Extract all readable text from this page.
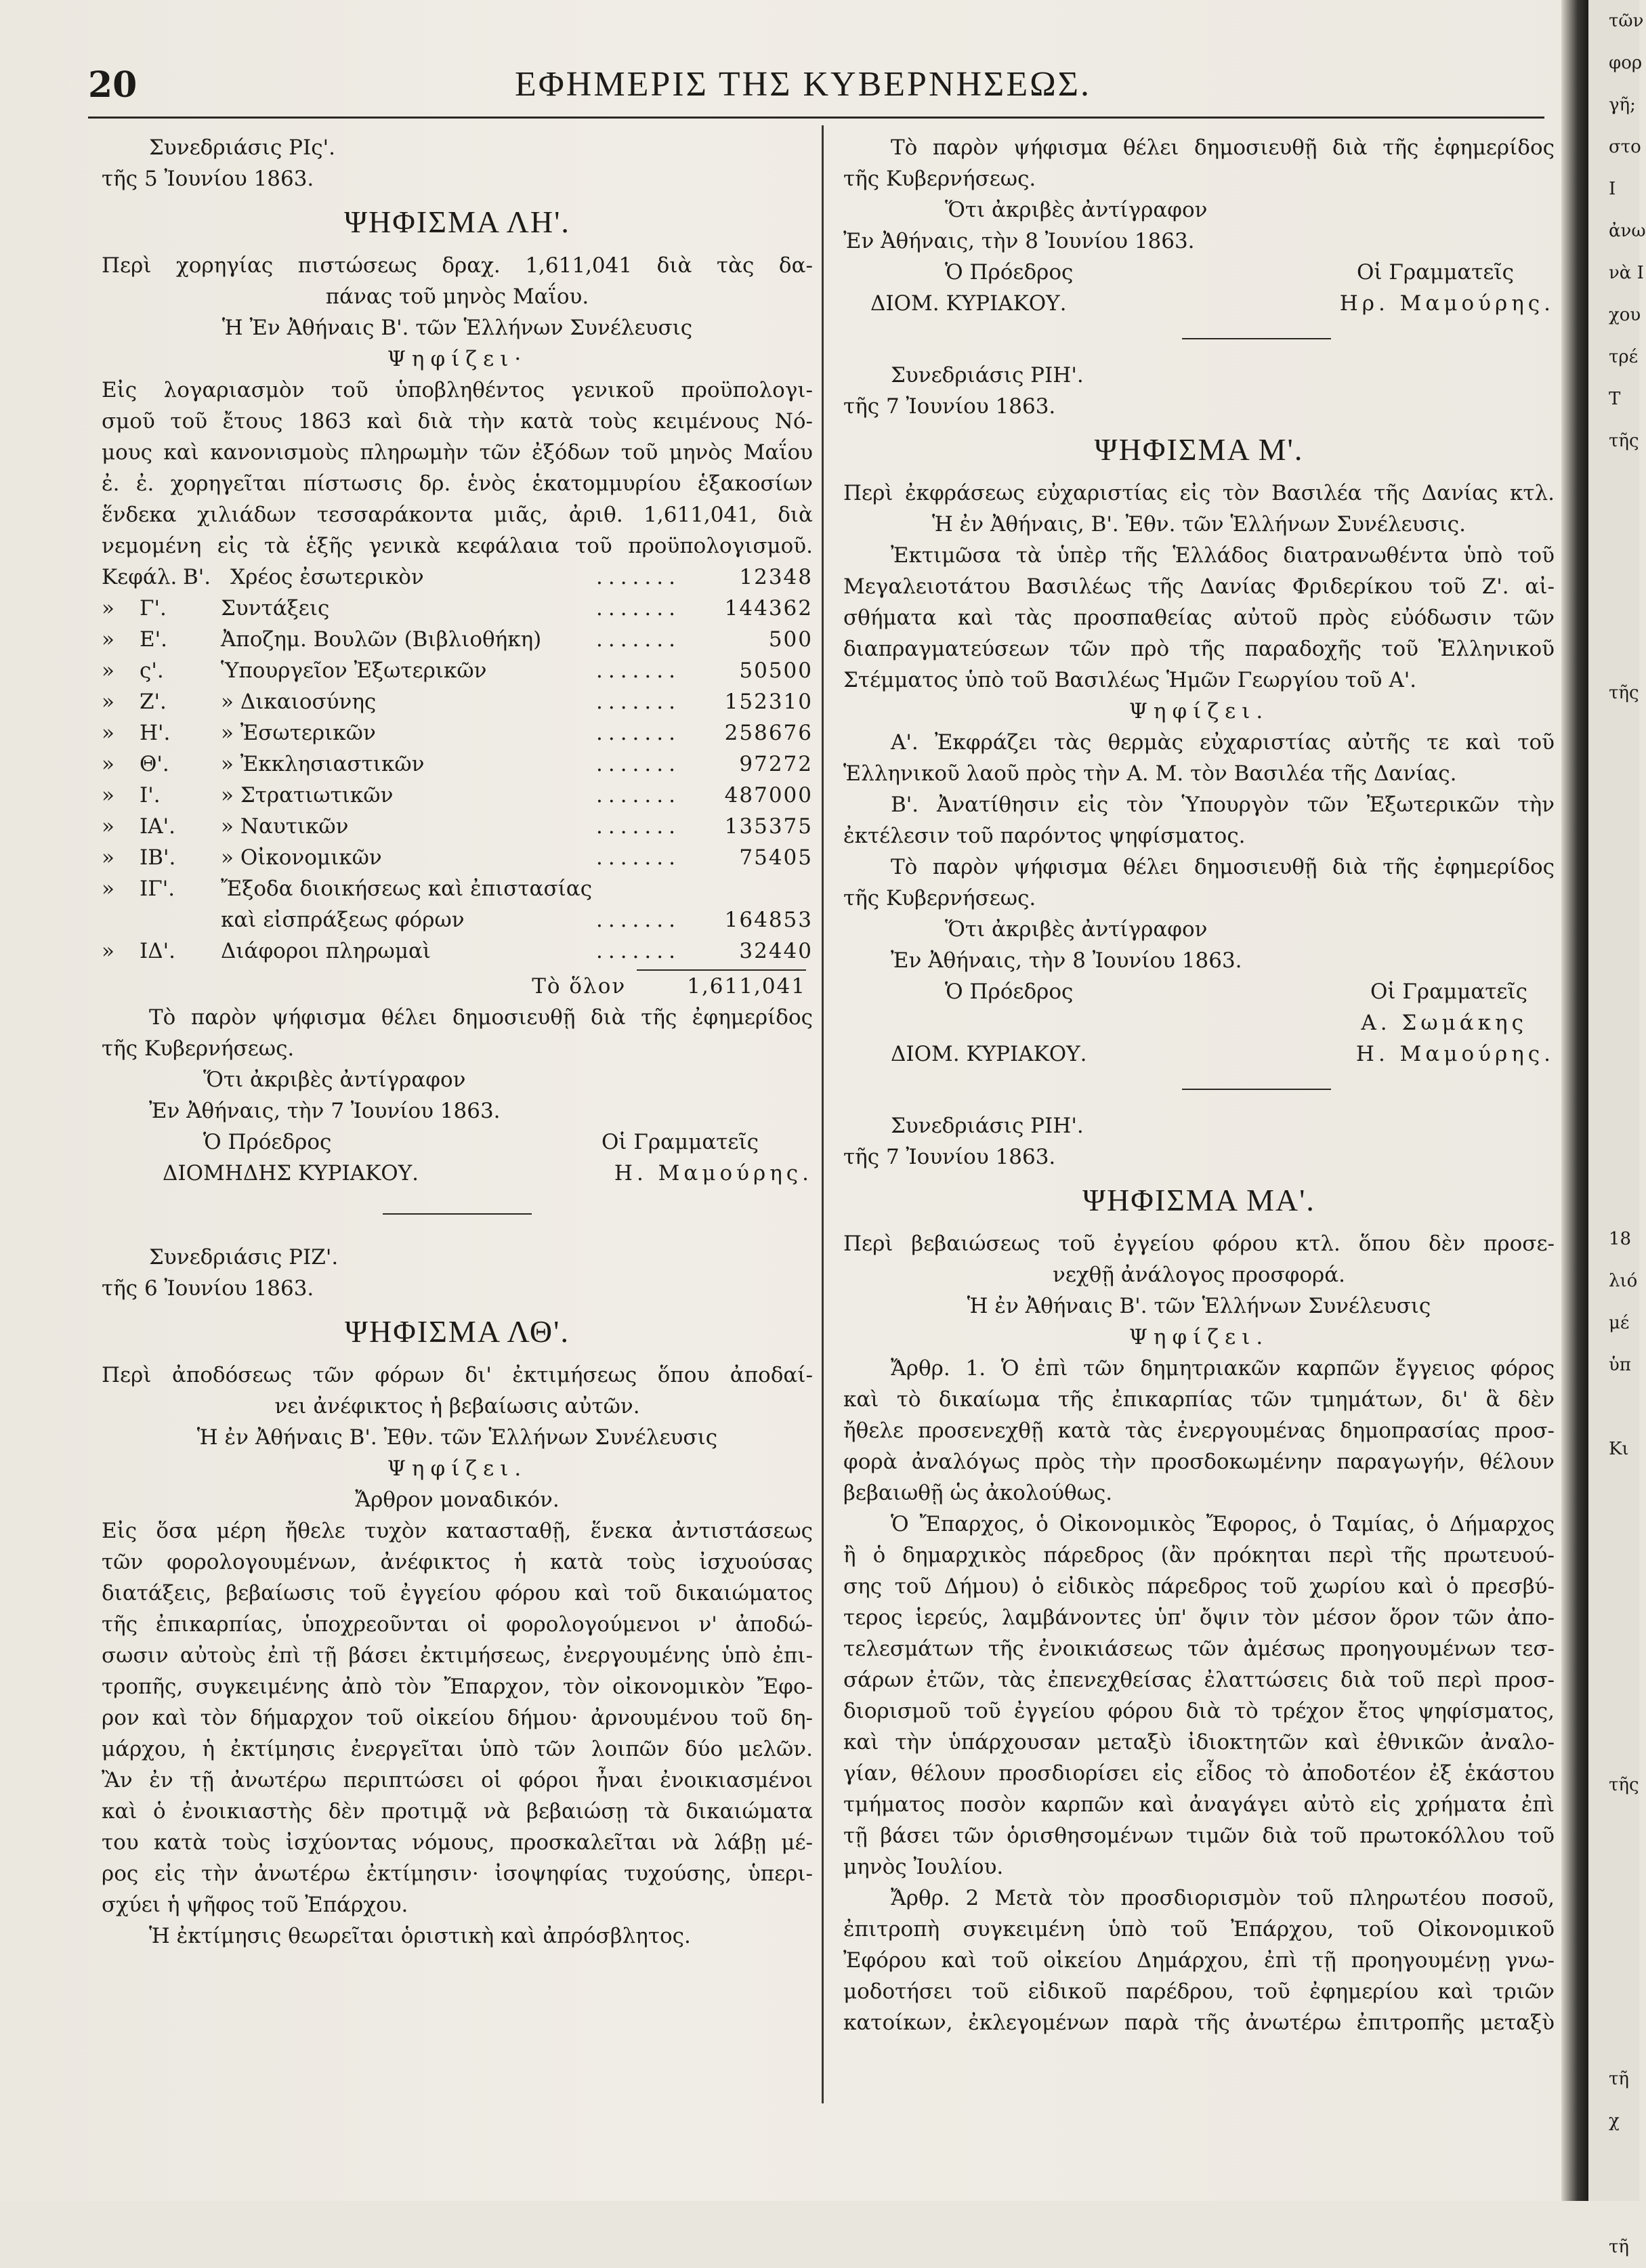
20	ΕΦΗΜΕΡΙΣ ΤΗΣ ΚΥΒΕΡΝΗΣΕΩΣ.
Συνεδριάσις ΡΙς'.
τῆς 5 Ἰουνίου 1863.
ΨΗΦΙΣΜΑ ΛΗ'.
Περὶ χορηγίας πιστώσεως δραχ. 1,611,041 διὰ τὰς δα-
πάνας τοῦ μηνὸς Μαΐου.
Ἡ Ἐν Ἀθήναις Β'. τῶν Ἑλλήνων Συνέλευσις
Ψηφίζει·
Εἰς λογαριασμὸν τοῦ ὑποβληθέντος γενικοῦ προϋπολογι-
σμοῦ τοῦ ἔτους 1863 καὶ διὰ τὴν κατὰ τοὺς κειμένους Νό-
μους καὶ κανονισμοὺς πληρωμὴν τῶν ἐξόδων τοῦ μηνὸς Μαΐου
ἐ. ἐ. χορηγεῖται πίστωσις δρ. ἑνὸς ἑκατομμυρίου ἑξακοσίων
ἕνδεκα χιλιάδων τεσσαράκοντα μιᾶς, ἀριθ. 1,611,041, διὰ
νεμομένη εἰς τὰ ἑξῆς γενικὰ κεφάλαια τοῦ προϋπολογισμοῦ.
Κεφάλ. Β'. Χρέος ἐσωτερικὸν	.......	12348
»	Γ'.	Συντάξεις	.......	144362
»	Ε'.	Ἀποζημ. Βουλῶν (Βιβλιοθήκη)	.......	500
»	ς'.	Ὑπουργεῖον Ἐξωτερικῶν	.......	50500
»	Ζ'.	» Δικαιοσύνης	.......	152310
»	Η'.	» Ἐσωτερικῶν	.......	258676
»	Θ'.	» Ἐκκλησιαστικῶν	.......	97272
»	Ι'.	» Στρατιωτικῶν	.......	487000
»	ΙΑ'.	» Ναυτικῶν	.......	135375
»	ΙΒ'.	» Οἰκονομικῶν	.......	75405
»	ΙΓ'.	Ἔξοδα διοικήσεως καὶ ἐπιστασίας
καὶ εἰσπράξεως φόρων	.......	164853
»	ΙΔ'.	Διάφοροι πληρωμαὶ	.......	32440
Τὸ ὅλον	1,611,041
Τὸ παρὸν ψήφισμα θέλει δημοσιευθῇ διὰ τῆς ἐφημερίδος
τῆς Κυβερνήσεως.
Ὅτι ἀκριβὲς ἀντίγραφον
Ἐν Ἀθήναις, τὴν 7 Ἰουνίου 1863.
Ὁ Πρόεδρος	Οἱ Γραμματεῖς
ΔΙΟΜΗΔΗΣ ΚΥΡΙΑΚΟΥ.	Η. Μαμούρης.
Συνεδριάσις ΡΙΖ'.
τῆς 6 Ἰουνίου 1863.
ΨΗΦΙΣΜΑ ΛΘ'.
Περὶ ἀποδόσεως τῶν φόρων δι' ἐκτιμήσεως ὅπου ἀποδαί-
νει ἀνέφικτος ἡ βεβαίωσις αὐτῶν.
Ἡ ἐν Ἀθήναις Β'. Ἐθν. τῶν Ἑλλήνων Συνέλευσις
Ψηφίζει.
Ἄρθρον μοναδικόν.
Εἰς ὅσα μέρη ἤθελε τυχὸν κατασταθῇ, ἕνεκα ἀντιστάσεως
τῶν φορολογουμένων, ἀνέφικτος ἡ κατὰ τοὺς ἰσχυούσας
διατάξεις, βεβαίωσις τοῦ ἐγγείου φόρου καὶ τοῦ δικαιώματος
τῆς ἐπικαρπίας, ὑποχρεοῦνται οἱ φορολογούμενοι ν' ἀποδώ-
σωσιν αὐτοὺς ἐπὶ τῇ βάσει ἐκτιμήσεως, ἐνεργουμένης ὑπὸ ἐπι-
τροπῆς, συγκειμένης ἀπὸ τὸν Ἔπαρχον, τὸν οἰκονομικὸν Ἔφο-
ρον καὶ τὸν δήμαρχον τοῦ οἰκείου δήμου· ἀρνουμένου τοῦ δη-
μάρχου, ἡ ἐκτίμησις ἐνεργεῖται ὑπὸ τῶν λοιπῶν δύο μελῶν.
Ἂν ἐν τῇ ἀνωτέρω περιπτώσει οἱ φόροι ἦναι ἐνοικιασμένοι
καὶ ὁ ἐνοικιαστὴς δὲν προτιμᾷ νὰ βεβαιώσῃ τὰ δικαιώματα
του κατὰ τοὺς ἰσχύοντας νόμους, προσκαλεῖται νὰ λάβῃ μέ-
ρος εἰς τὴν ἀνωτέρω ἐκτίμησιν· ἰσοψηφίας τυχούσης, ὑπερι-
σχύει ἡ ψῆφος τοῦ Ἐπάρχου.
Ἡ ἐκτίμησις θεωρεῖται ὁριστικὴ καὶ ἀπρόσβλητος.
Τὸ παρὸν ψήφισμα θέλει δημοσιευθῇ διὰ τῆς ἐφημερίδος
τῆς Κυβερνήσεως.
Ὅτι ἀκριβὲς ἀντίγραφον
Ἐν Ἀθήναις, τὴν 8 Ἰουνίου 1863.
Ὁ Πρόεδρος	Οἱ Γραμματεῖς
ΔΙΟΜ. ΚΥΡΙΑΚΟΥ.	Ηρ. Μαμούρης.
Συνεδριάσις ΡΙΗ'.
τῆς 7 Ἰουνίου 1863.
ΨΗΦΙΣΜΑ Μ'.
Περὶ ἐκφράσεως εὐχαριστίας εἰς τὸν Βασιλέα τῆς Δανίας κτλ.
Ἡ ἐν Ἀθήναις, Β'. Ἐθν. τῶν Ἑλλήνων Συνέλευσις.
Ἐκτιμῶσα τὰ ὑπὲρ τῆς Ἑλλάδος διατρανωθέντα ὑπὸ τοῦ
Μεγαλειοτάτου Βασιλέως τῆς Δανίας Φριδερίκου τοῦ Ζ'. αἰ-
σθήματα καὶ τὰς προσπαθείας αὐτοῦ πρὸς εὐόδωσιν τῶν
διαπραγματεύσεων τῶν πρὸ τῆς παραδοχῆς τοῦ Ἑλληνικοῦ
Στέμματος ὑπὸ τοῦ Βασιλέως Ἡμῶν Γεωργίου τοῦ Α'.
Ψηφίζει.
Α'. Ἐκφράζει τὰς θερμὰς εὐχαριστίας αὐτῆς τε καὶ τοῦ
Ἑλληνικοῦ λαοῦ πρὸς τὴν Α. Μ. τὸν Βασιλέα τῆς Δανίας.
Β'. Ἀνατίθησιν εἰς τὸν Ὑπουργὸν τῶν Ἐξωτερικῶν τὴν
ἐκτέλεσιν τοῦ παρόντος ψηφίσματος.
Τὸ παρὸν ψήφισμα θέλει δημοσιευθῇ διὰ τῆς ἐφημερίδος
τῆς Κυβερνήσεως.
Ὅτι ἀκριβὲς ἀντίγραφον
Ἐν Ἀθήναις, τὴν 8 Ἰουνίου 1863.
Ὁ Πρόεδρος	Οἱ Γραμματεῖς
Α. Σωμάκης
ΔΙΟΜ. ΚΥΡΙΑΚΟΥ.	Η. Μαμούρης.
Συνεδριάσις ΡΙΗ'.
τῆς 7 Ἰουνίου 1863.
ΨΗΦΙΣΜΑ ΜΑ'.
Περὶ βεβαιώσεως τοῦ ἐγγείου φόρου κτλ. ὅπου δὲν προσε-
νεχθῇ ἀνάλογος προσφορά.
Ἡ ἐν Ἀθήναις Β'. τῶν Ἑλλήνων Συνέλευσις
Ψηφίζει.
Ἄρθρ. 1. Ὁ ἐπὶ τῶν δημητριακῶν καρπῶν ἔγγειος φόρος
καὶ τὸ δικαίωμα τῆς ἐπικαρπίας τῶν τμημάτων, δι' ἃ δὲν
ἤθελε προσενεχθῇ κατὰ τὰς ἐνεργουμένας δημοπρασίας προσ-
φορὰ ἀναλόγως πρὸς τὴν προσδοκωμένην παραγωγήν, θέλουν
βεβαιωθῇ ὡς ἀκολούθως.
Ὁ Ἔπαρχος, ὁ Οἰκονομικὸς Ἔφορος, ὁ Ταμίας, ὁ Δήμαρχος
ἢ ὁ δημαρχικὸς πάρεδρος (ἂν πρόκηται περὶ τῆς πρωτευού-
σης τοῦ Δήμου) ὁ εἰδικὸς πάρεδρος τοῦ χωρίου καὶ ὁ πρεσβύ-
τερος ἱερεύς, λαμβάνοντες ὑπ' ὄψιν τὸν μέσον ὅρον τῶν ἀπο-
τελεσμάτων τῆς ἐνοικιάσεως τῶν ἀμέσως προηγουμένων τεσ-
σάρων ἐτῶν, τὰς ἐπενεχθείσας ἐλαττώσεις διὰ τοῦ περὶ προσ-
διορισμοῦ τοῦ ἐγγείου φόρου διὰ τὸ τρέχον ἔτος ψηφίσματος,
καὶ τὴν ὑπάρχουσαν μεταξὺ ἰδιοκτητῶν καὶ ἐθνικῶν ἀναλο-
γίαν, θέλουν προσδιορίσει εἰς εἶδος τὸ ἀποδοτέον ἐξ ἑκάστου
τμήματος ποσὸν καρπῶν καὶ ἀναγάγει αὐτὸ εἰς χρήματα ἐπὶ
τῇ βάσει τῶν ὁρισθησομένων τιμῶν διὰ τοῦ πρωτοκόλλου τοῦ
μηνὸς Ἰουλίου.
Ἄρθρ. 2 Μετὰ τὸν προσδιορισμὸν τοῦ πληρωτέου ποσοῦ,
ἐπιτροπὴ συγκειμένη ὑπὸ τοῦ Ἐπάρχου, τοῦ Οἰκονομικοῦ
Ἐφόρου καὶ τοῦ οἰκείου Δημάρχου, ἐπὶ τῇ προηγουμένῃ γνω-
μοδοτήσει τοῦ εἰδικοῦ παρέδρου, τοῦ ἐφημερίου καὶ τριῶν
κατοίκων, ἐκλεγομένων παρὰ τῆς ἀνωτέρω ἐπιτροπῆς μεταξὺ
τῶν
φορ
γῆ;
στο
Ι
ἀνω
νὰ Ι
χου
τρέ
Τ
τῆς

τῆς

18
λιό
μέ
ὑπ

Κι

τῆς

τῆ
χ

τῆ
